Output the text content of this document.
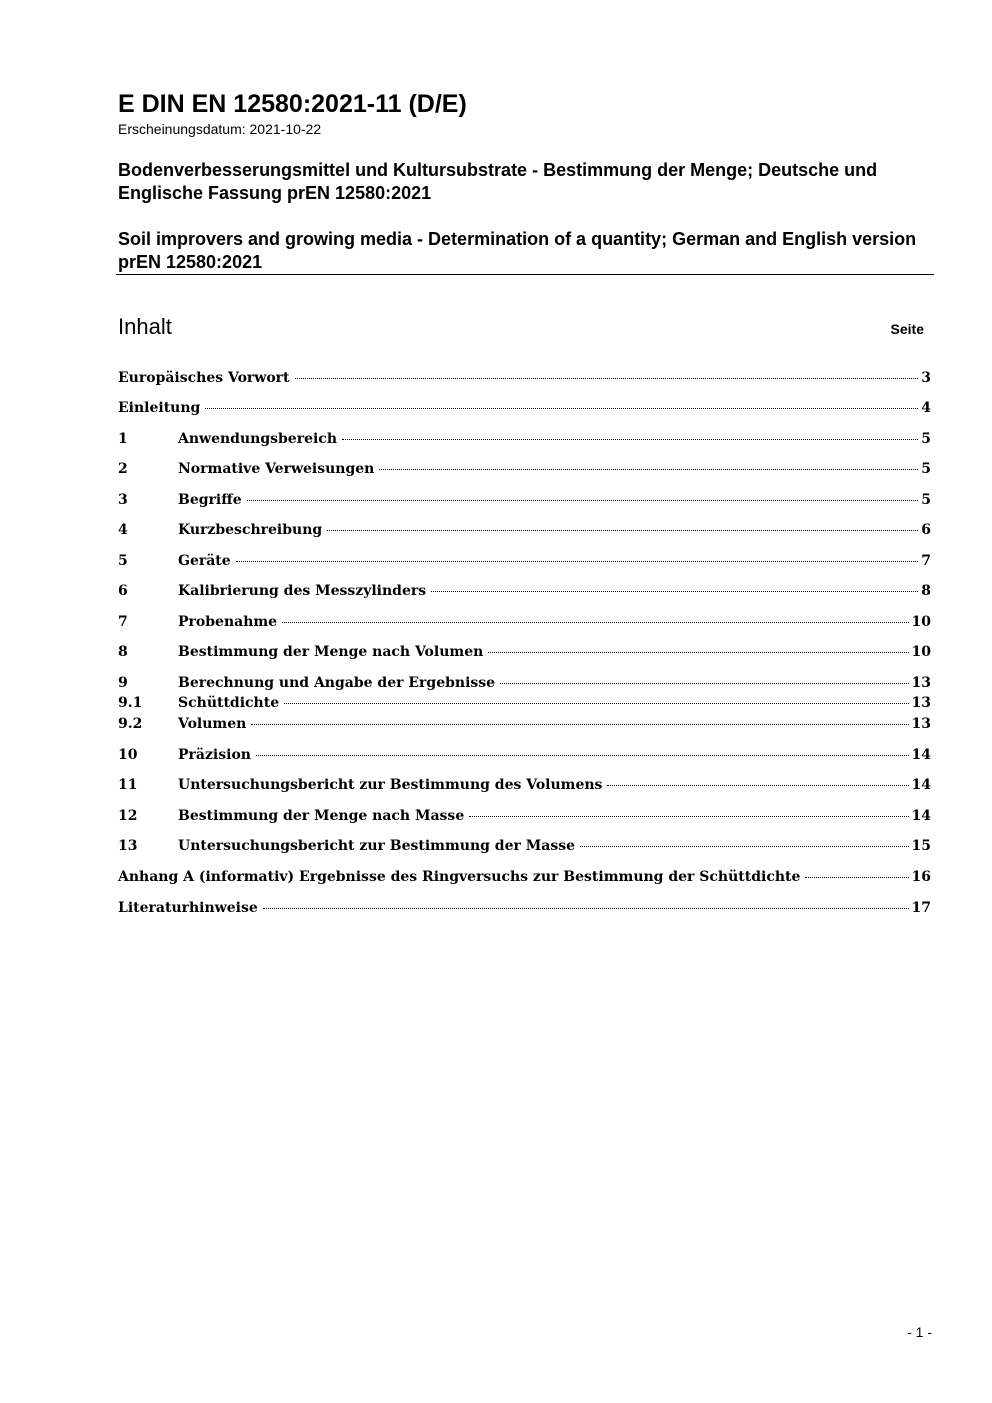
E DIN EN 12580:2021-11 (D/E)
Erscheinungsdatum: 2021-10-22
Bodenverbesserungsmittel und Kultursubstrate - Bestimmung der Menge; Deutsche und Englische Fassung prEN 12580:2021
Soil improvers and growing media - Determination of a quantity; German and English version prEN 12580:2021
Inhalt	Seite
Europäisches Vorwort	3
Einleitung	4
1	Anwendungsbereich	5
2	Normative Verweisungen	5
3	Begriffe	5
4	Kurzbeschreibung	6
5	Geräte	7
6	Kalibrierung des Messzylinders	8
7	Probenahme	10
8	Bestimmung der Menge nach Volumen	10
9	Berechnung und Angabe der Ergebnisse	13
9.1	Schüttdichte	13
9.2	Volumen	13
10	Präzision	14
11	Untersuchungsbericht zur Bestimmung des Volumens	14
12	Bestimmung der Menge nach Masse	14
13	Untersuchungsbericht zur Bestimmung der Masse	15
Anhang A (informativ) Ergebnisse des Ringversuchs zur Bestimmung der Schüttdichte	16
Literaturhinweise	17
- 1 -
